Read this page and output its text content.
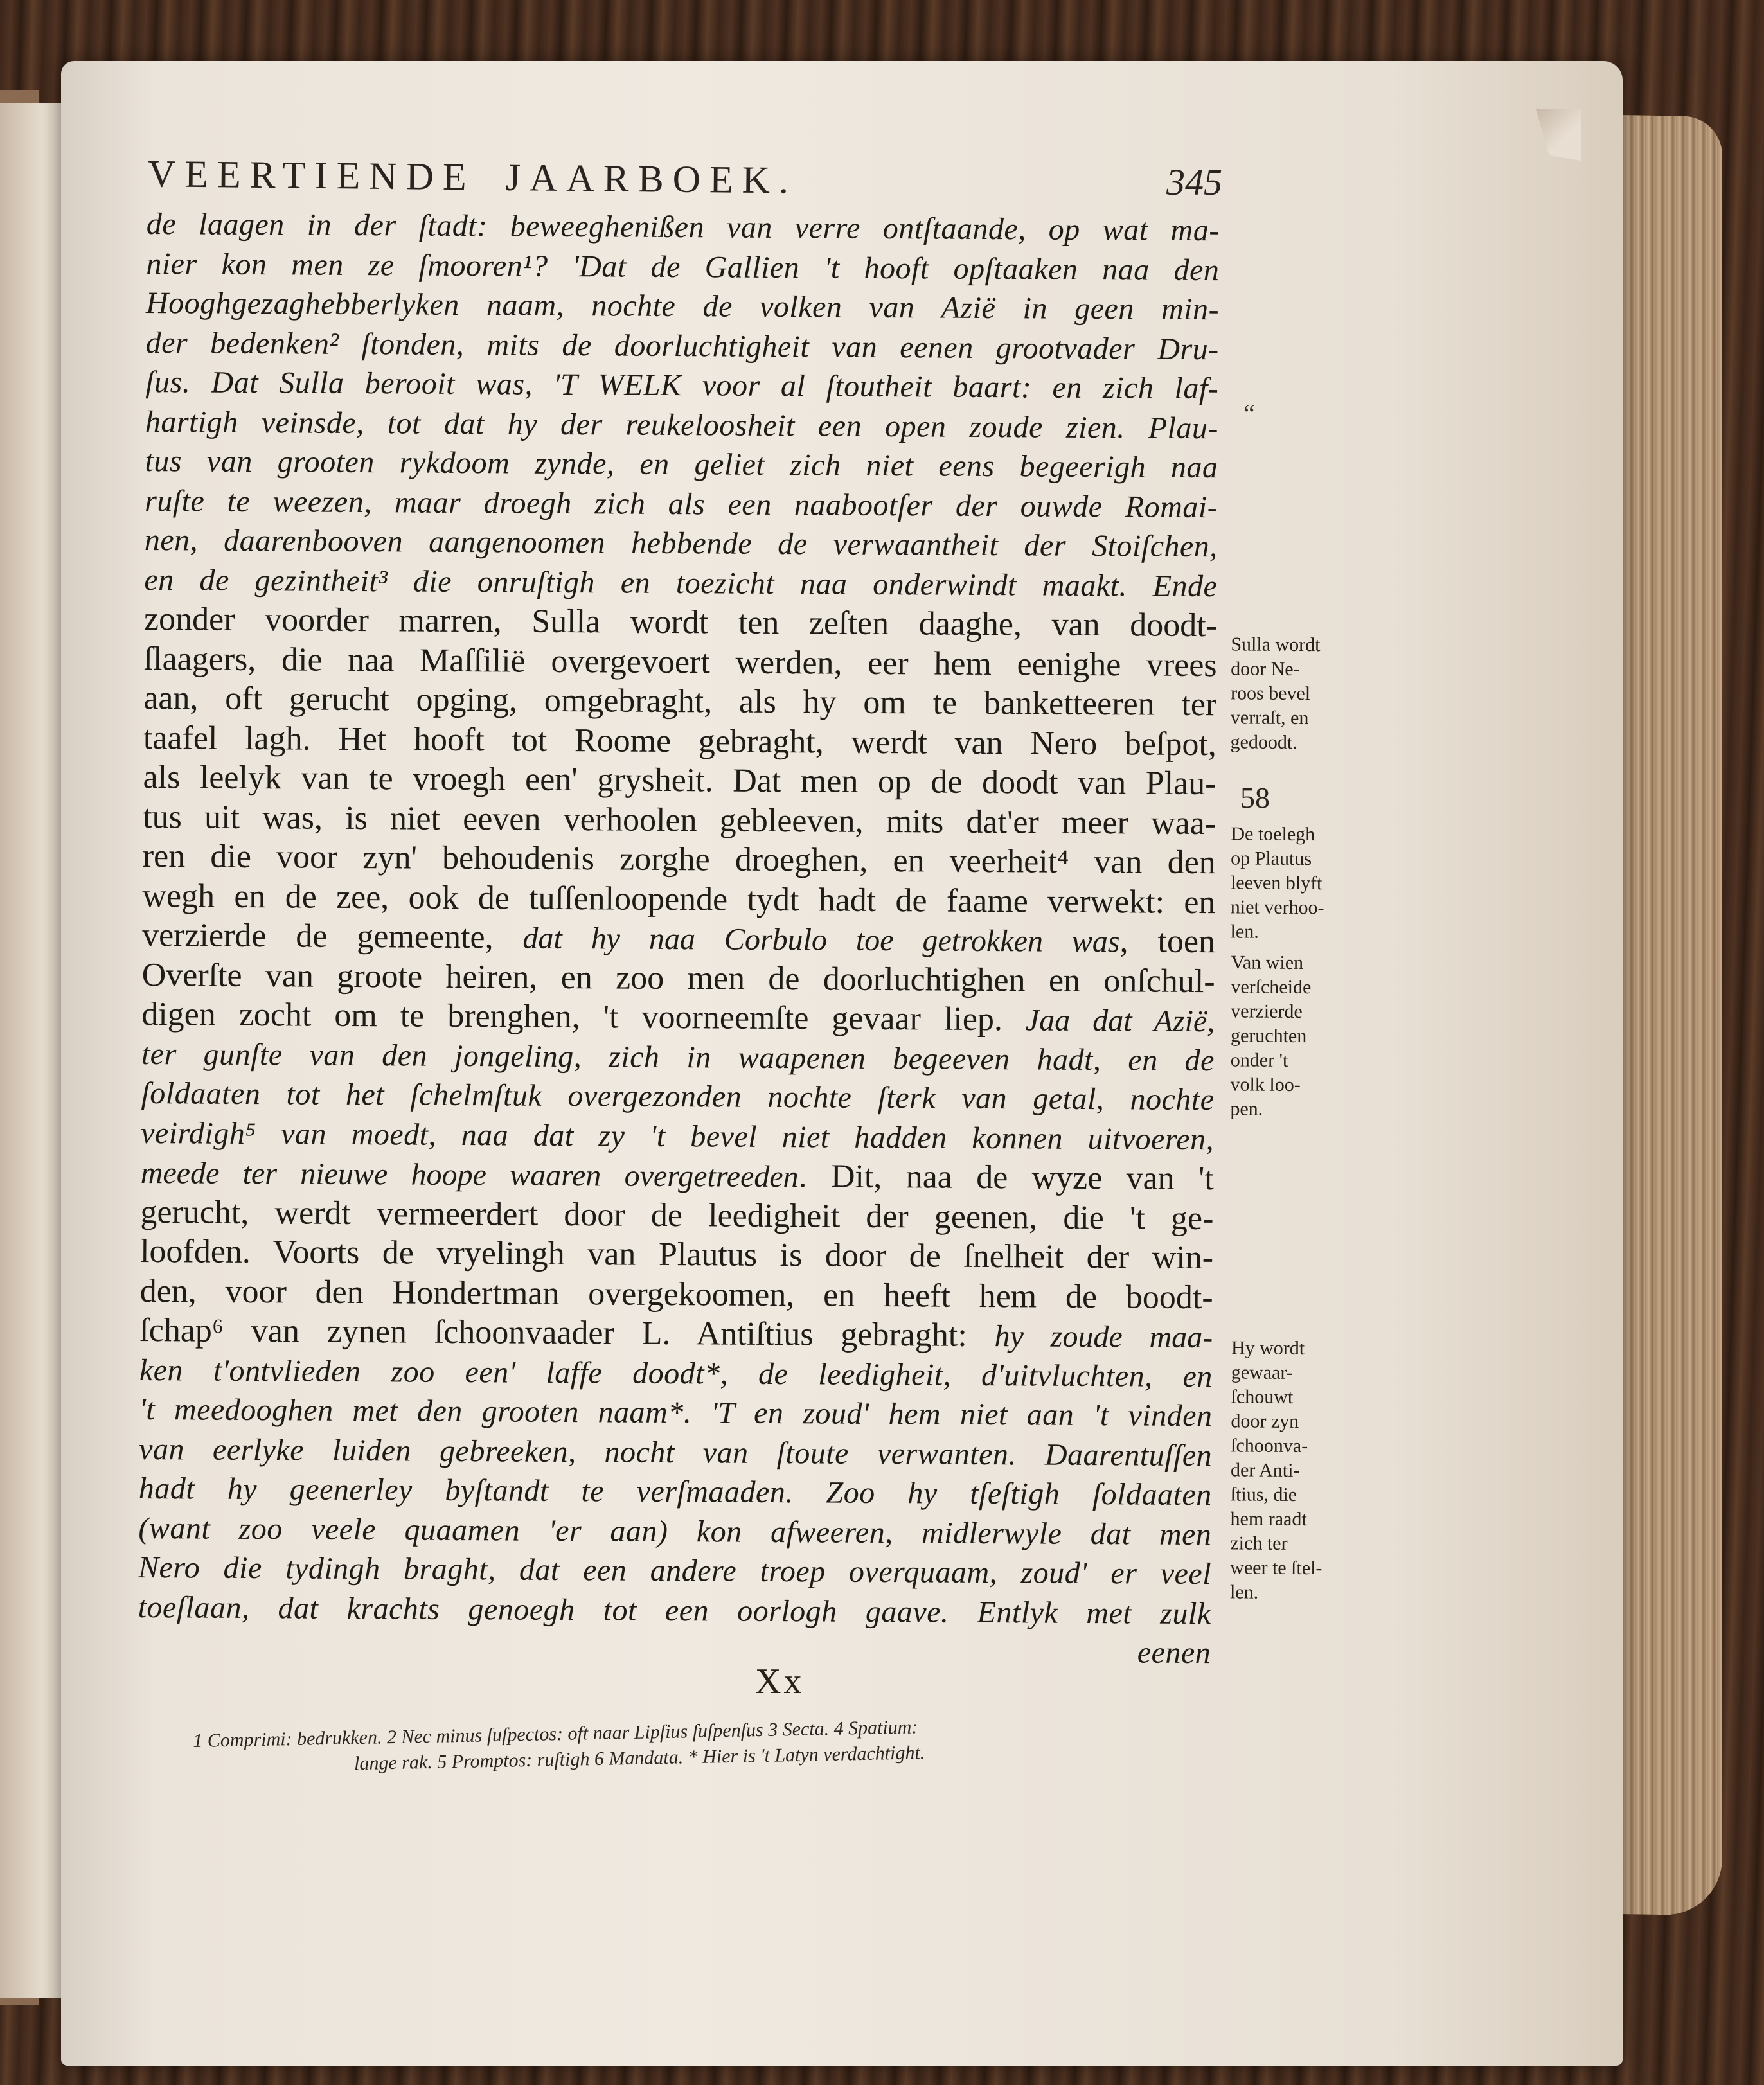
VEERTIENDE JAARBOEK.	345
de laagen in der ſtadt: beweeghenißen van verre ontſtaande, op wat ma-
nier kon men ze ſmooren¹? 'Dat de Gallien 't hooft opſtaaken naa den
Hooghgezaghebberlyken naam, nochte de volken van Azië in geen min-
der bedenken² ſtonden, mits de doorluchtigheit van eenen grootvader Dru-
ſus. Dat Sulla berooit was, 'T WELK voor al ſtoutheit baart: en zich laf-
hartigh veinsde, tot dat hy der reukeloosheit een open zoude zien. Plau-
tus van grooten rykdoom zynde, en geliet zich niet eens begeerigh naa
ruſte te weezen, maar droegh zich als een naabootſer der ouwde Romai-
nen, daarenbooven aangenoomen hebbende de verwaantheit der Stoiſchen,
en de gezintheit³ die onruſtigh en toezicht naa onderwindt maakt. Ende
zonder voorder marren, Sulla wordt ten zeſten daaghe, van doodt-
ſlaagers, die naa Maſſilië overgevoert werden, eer hem eenighe vrees
aan, oft gerucht opging, omgebraght, als hy om te banketteeren ter
taafel lagh. Het hooft tot Roome gebraght, werdt van Nero beſpot,
als leelyk van te vroegh een' grysheit. Dat men op de doodt van Plau-
tus uit was, is niet eeven verhoolen gebleeven, mits dat'er meer waa-
ren die voor zyn' behoudenis zorghe droeghen, en veerheit⁴ van den
wegh en de zee, ook de tuſſenloopende tydt hadt de faame verwekt: en
verzierde de gemeente, dat hy naa Corbulo toe getrokken was, toen
Overſte van groote heiren, en zoo men de doorluchtighen en onſchul-
digen zocht om te brenghen, 't voorneemſte gevaar liep. Jaa dat Azië,
ter gunſte van den jongeling, zich in waapenen begeeven hadt, en de
ſoldaaten tot het ſchelmſtuk overgezonden nochte ſterk van getal, nochte
veirdigh⁵ van moedt, naa dat zy 't bevel niet hadden konnen uitvoeren,
meede ter nieuwe hoope waaren overgetreeden. Dit, naa de wyze van 't
gerucht, werdt vermeerdert door de leedigheit der geenen, die 't ge-
loofden. Voorts de vryelingh van Plautus is door de ſnelheit der win-
den, voor den Hondertman overgekoomen, en heeft hem de boodt-
ſchap⁶ van zynen ſchoonvaader L. Antiſtius gebraght: hy zoude maa-
ken t'ontvlieden zoo een' laffe doodt*, de leedigheit, d'uitvluchten, en
't meedooghen met den grooten naam*. 'T en zoud' hem niet aan 't vinden
van eerlyke luiden gebreeken, nocht van ſtoute verwanten. Daarentuſſen
hadt hy geenerley byſtandt te verſmaaden. Zoo hy tſeſtigh ſoldaaten
(want zoo veele quaamen 'er aan) kon afweeren, midlerwyle dat men
Nero die tydingh braght, dat een andere troep overquaam, zoud' er veel
toeſlaan, dat krachts genoegh tot een oorlogh gaave. Entlyk met zulk
eenen
“
58
Sulla wordt
door Ne-
roos bevel
verraſt, en
gedoodt.
De toelegh
op Plautus
leeven blyft
niet verhoo-
len.
Van wien
verſcheide
verzierde
geruchten
onder 't
volk loo-
pen.
Hy wordt
gewaar-
ſchouwt
door zyn
ſchoonva-
der Anti-
ſtius, die
hem raadt
zich ter
weer te ſtel-
len.
Xx
1 Comprimi: bedrukken. 2 Nec minus ſuſpectos: oft naar Lipſius ſuſpenſus 3 Secta. 4 Spatium:
lange rak. 5 Promptos: ruſtigh 6 Mandata. * Hier is 't Latyn verdachtight.
